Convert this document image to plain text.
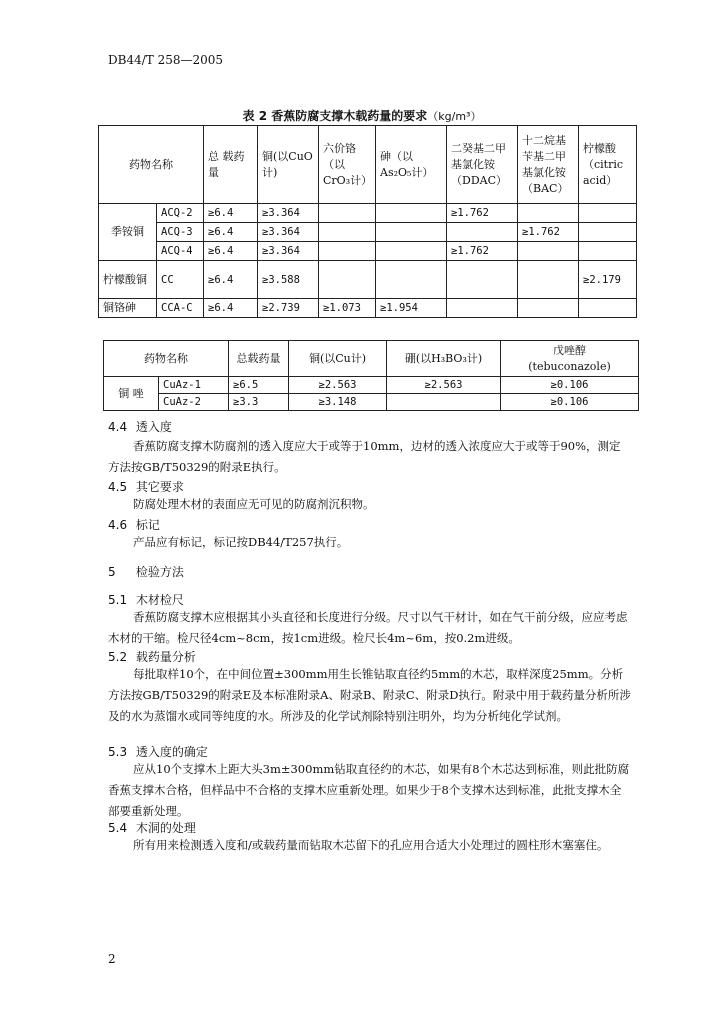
DB44/T 258—2005
表 2 香蕉防腐支撑木载药量的要求（kg/m³）
药物名称		总 载药量	铜(以CuO计)	六价铬（以CrO₃计）	砷（以As₂O₅计）	二癸基二甲基氯化铵（DDAC）	十二烷基苄基二甲基氯化铵（BAC）	柠檬酸（citric acid）
季铵铜	ACQ-2	≥6.4	≥3.364			≥1.762		
	ACQ-3	≥6.4	≥3.364				≥1.762	
	ACQ-4	≥6.4	≥3.364			≥1.762		
柠檬酸铜	CC	≥6.4	≥3.588					≥2.179
铜铬砷	CCA-C	≥6.4	≥2.739	≥1.073	≥1.954			
药物名称		总载药量	铜(以Cu计)	硼(以H₃BO₃计)	戊唑醇
(tebuconazole)

铜 唑	CuAz-1	≥6.5	≥2.563	≥2.563	≥0.106
	CuAz-2	≥3.3	≥3.148		≥0.106
4.4 透入度
香蕉防腐支撑木防腐剂的透入度应大于或等于10mm，边材的透入浓度应大于或等于90%，测定方法按GB/T50329的附录E执行。
4.5 其它要求
防腐处理木材的表面应无可见的防腐剂沉积物。
4.6 标记
产品应有标记，标记按DB44/T257执行。
5 检验方法
5.1 木材检尺
香蕉防腐支撑木应根据其小头直径和长度进行分级。尺寸以气干材计，如在气干前分级，应应考虑木材的干缩。检尺径4cm~8cm，按1cm进级。检尺长4m~6m，按0.2m进级。
5.2 载药量分析
每批取样10个，在中间位置±300mm用生长锥钻取直径约5mm的木芯，取样深度25mm。分析方法按GB/T50329的附录E及本标准附录A、附录B、附录C、附录D执行。附录中用于载药量分析所涉及的水为蒸馏水或同等纯度的水。所涉及的化学试剂除特别注明外，均为分析纯化学试剂。
5.3 透入度的确定
应从10个支撑木上距大头3m±300mm钻取直径约的木芯，如果有8个木芯达到标准，则此批防腐香蕉支撑木合格，但样品中不合格的支撑木应重新处理。如果少于8个支撑木达到标准，此批支撑木全部要重新处理。
5.4 木洞的处理
所有用来检测透入度和/或载药量而钻取木芯留下的孔应用合适大小处理过的圆柱形木塞塞住。
2
